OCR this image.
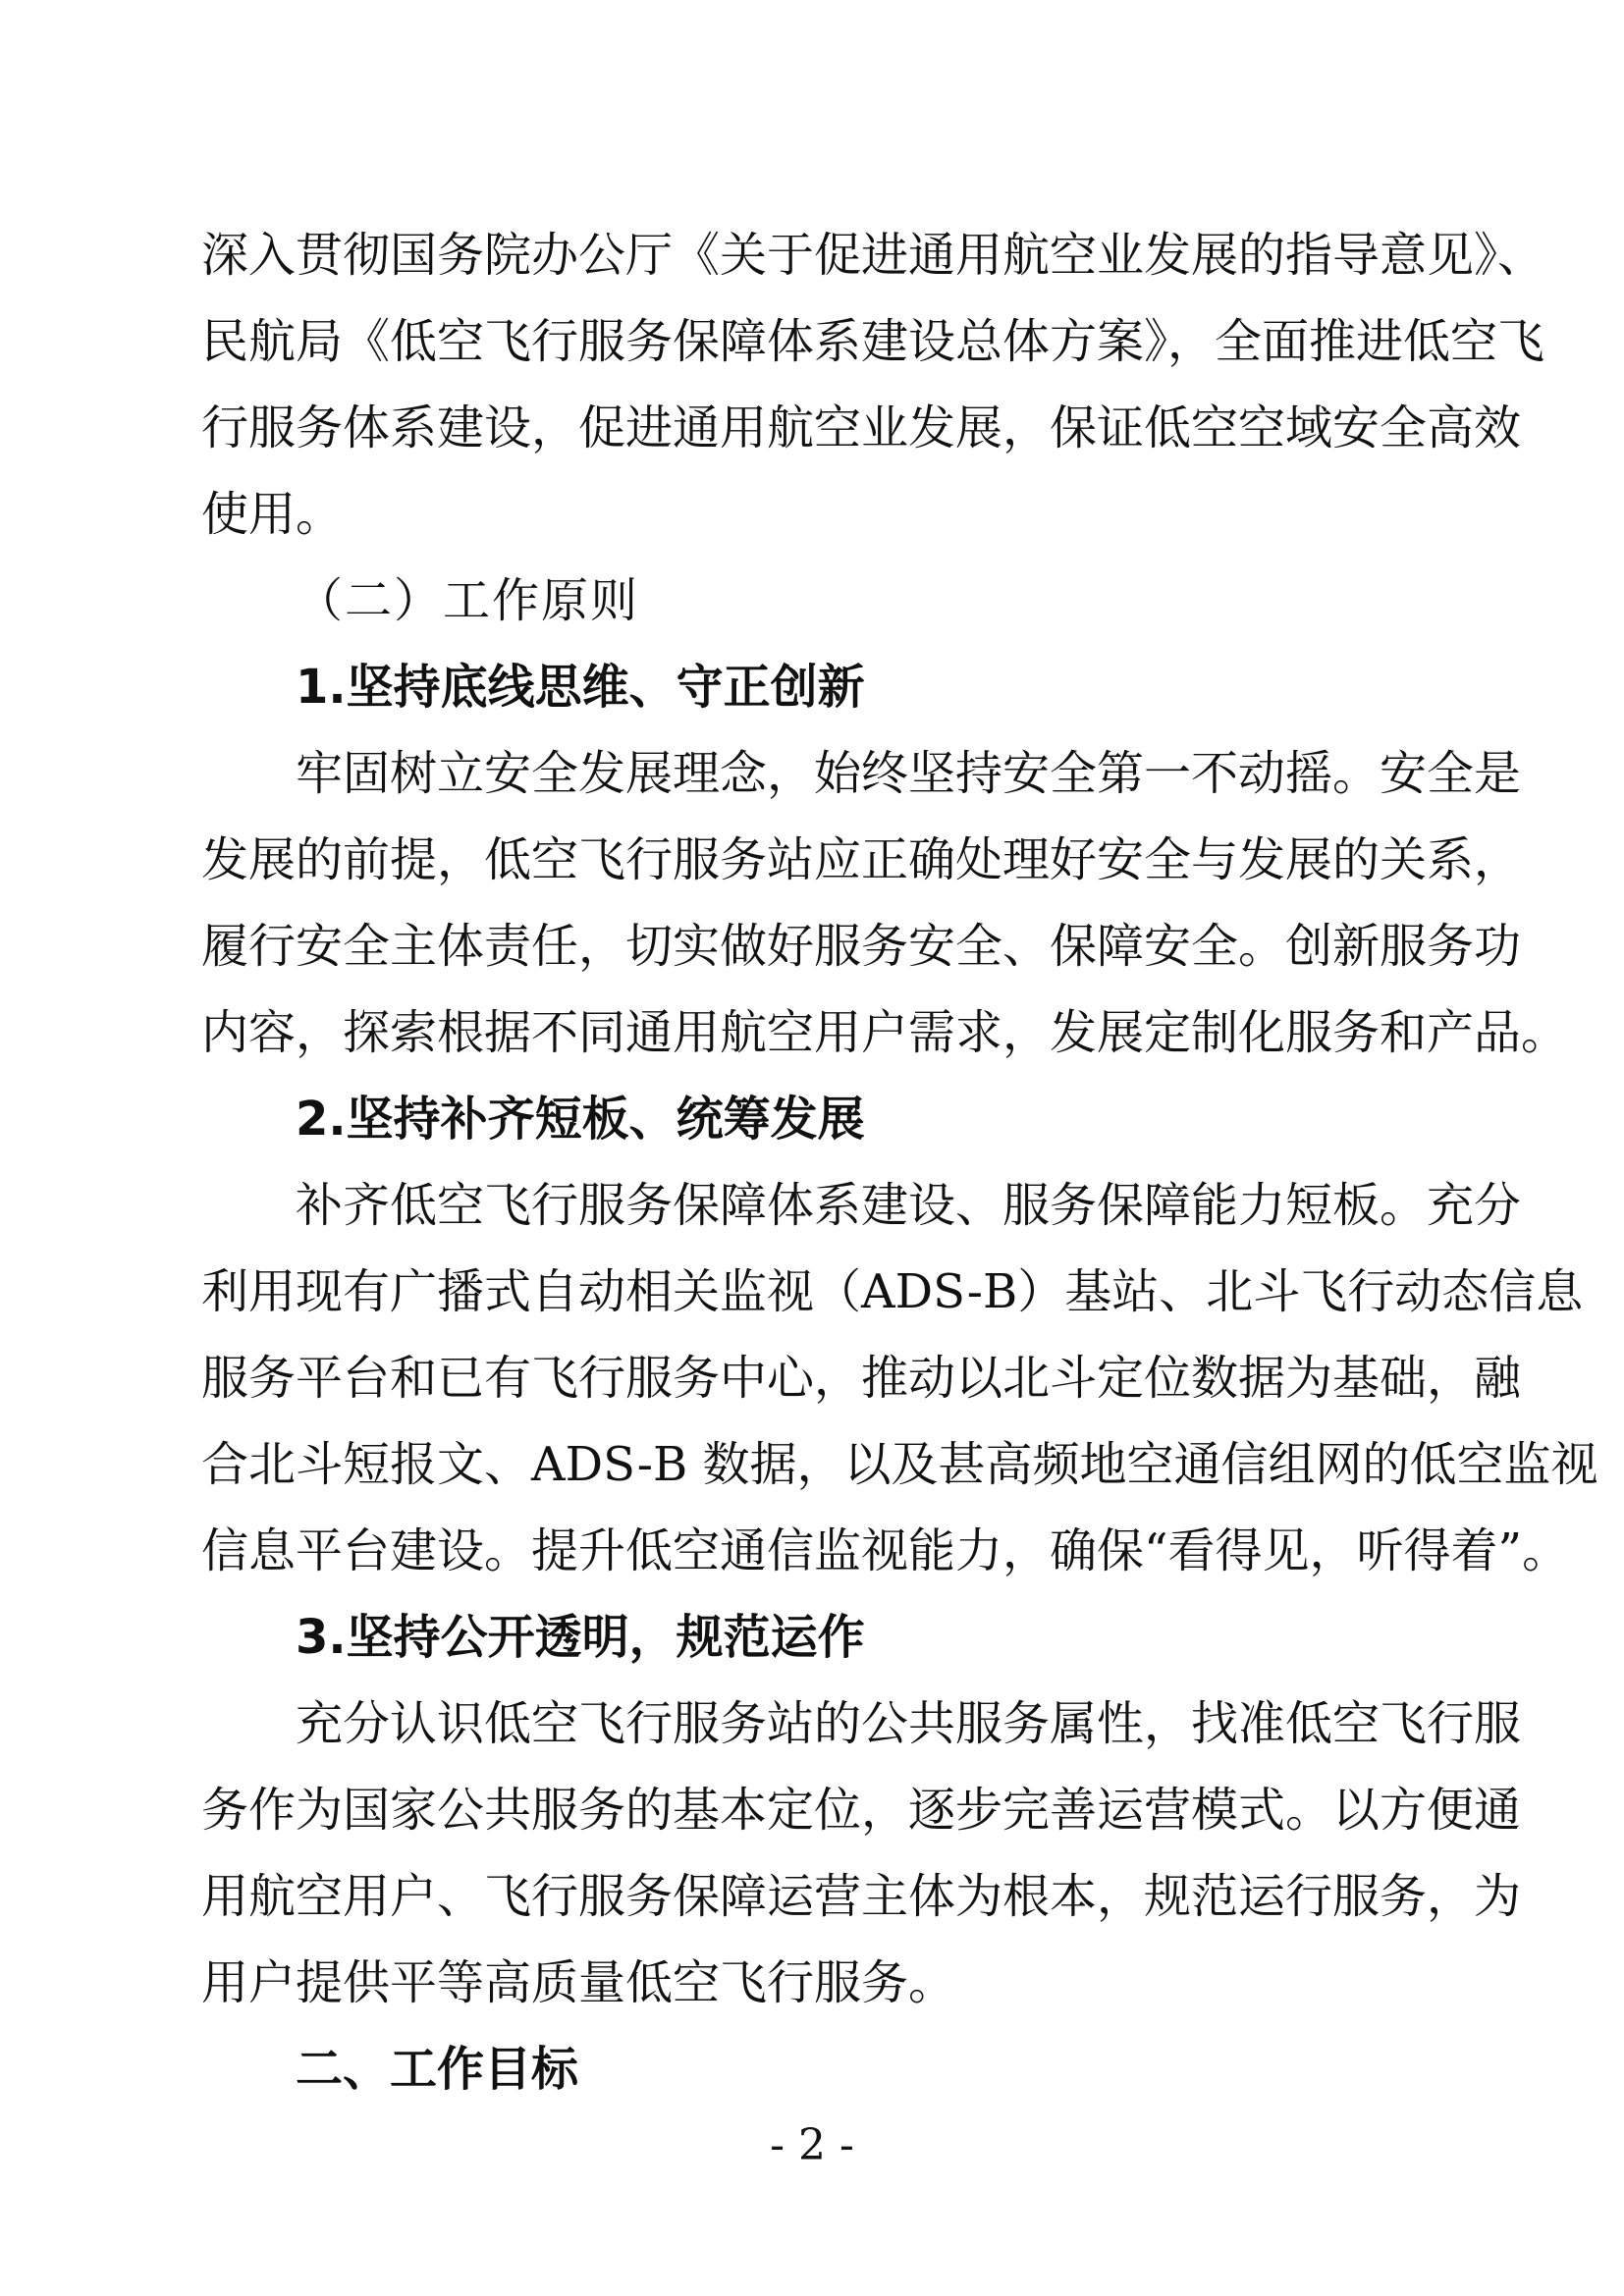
深入贯彻国务院办公厅《关于促进通用航空业发展的指导意见》、
民航局《低空飞行服务保障体系建设总体方案》，全面推进低空飞
行服务体系建设，促进通用航空业发展，保证低空空域安全高效
使用。
（二）工作原则
1.坚持底线思维、守正创新
牢固树立安全发展理念，始终坚持安全第一不动摇。安全是
发展的前提，低空飞行服务站应正确处理好安全与发展的关系，
履行安全主体责任，切实做好服务安全、保障安全。创新服务功
内容，探索根据不同通用航空用户需求，发展定制化服务和产品。
2.坚持补齐短板、统筹发展
补齐低空飞行服务保障体系建设、服务保障能力短板。充分
利用现有广播式自动相关监视（ADS-B）基站、北斗飞行动态信息
服务平台和已有飞行服务中心，推动以北斗定位数据为基础，融
合北斗短报文、ADS-B 数据，以及甚高频地空通信组网的低空监视
信息平台建设。提升低空通信监视能力，确保“看得见，听得着”。
3.坚持公开透明，规范运作
充分认识低空飞行服务站的公共服务属性，找准低空飞行服
务作为国家公共服务的基本定位，逐步完善运营模式。以方便通
用航空用户、飞行服务保障运营主体为根本，规范运行服务，为
用户提供平等高质量低空飞行服务。
二、工作目标
- 2 -
